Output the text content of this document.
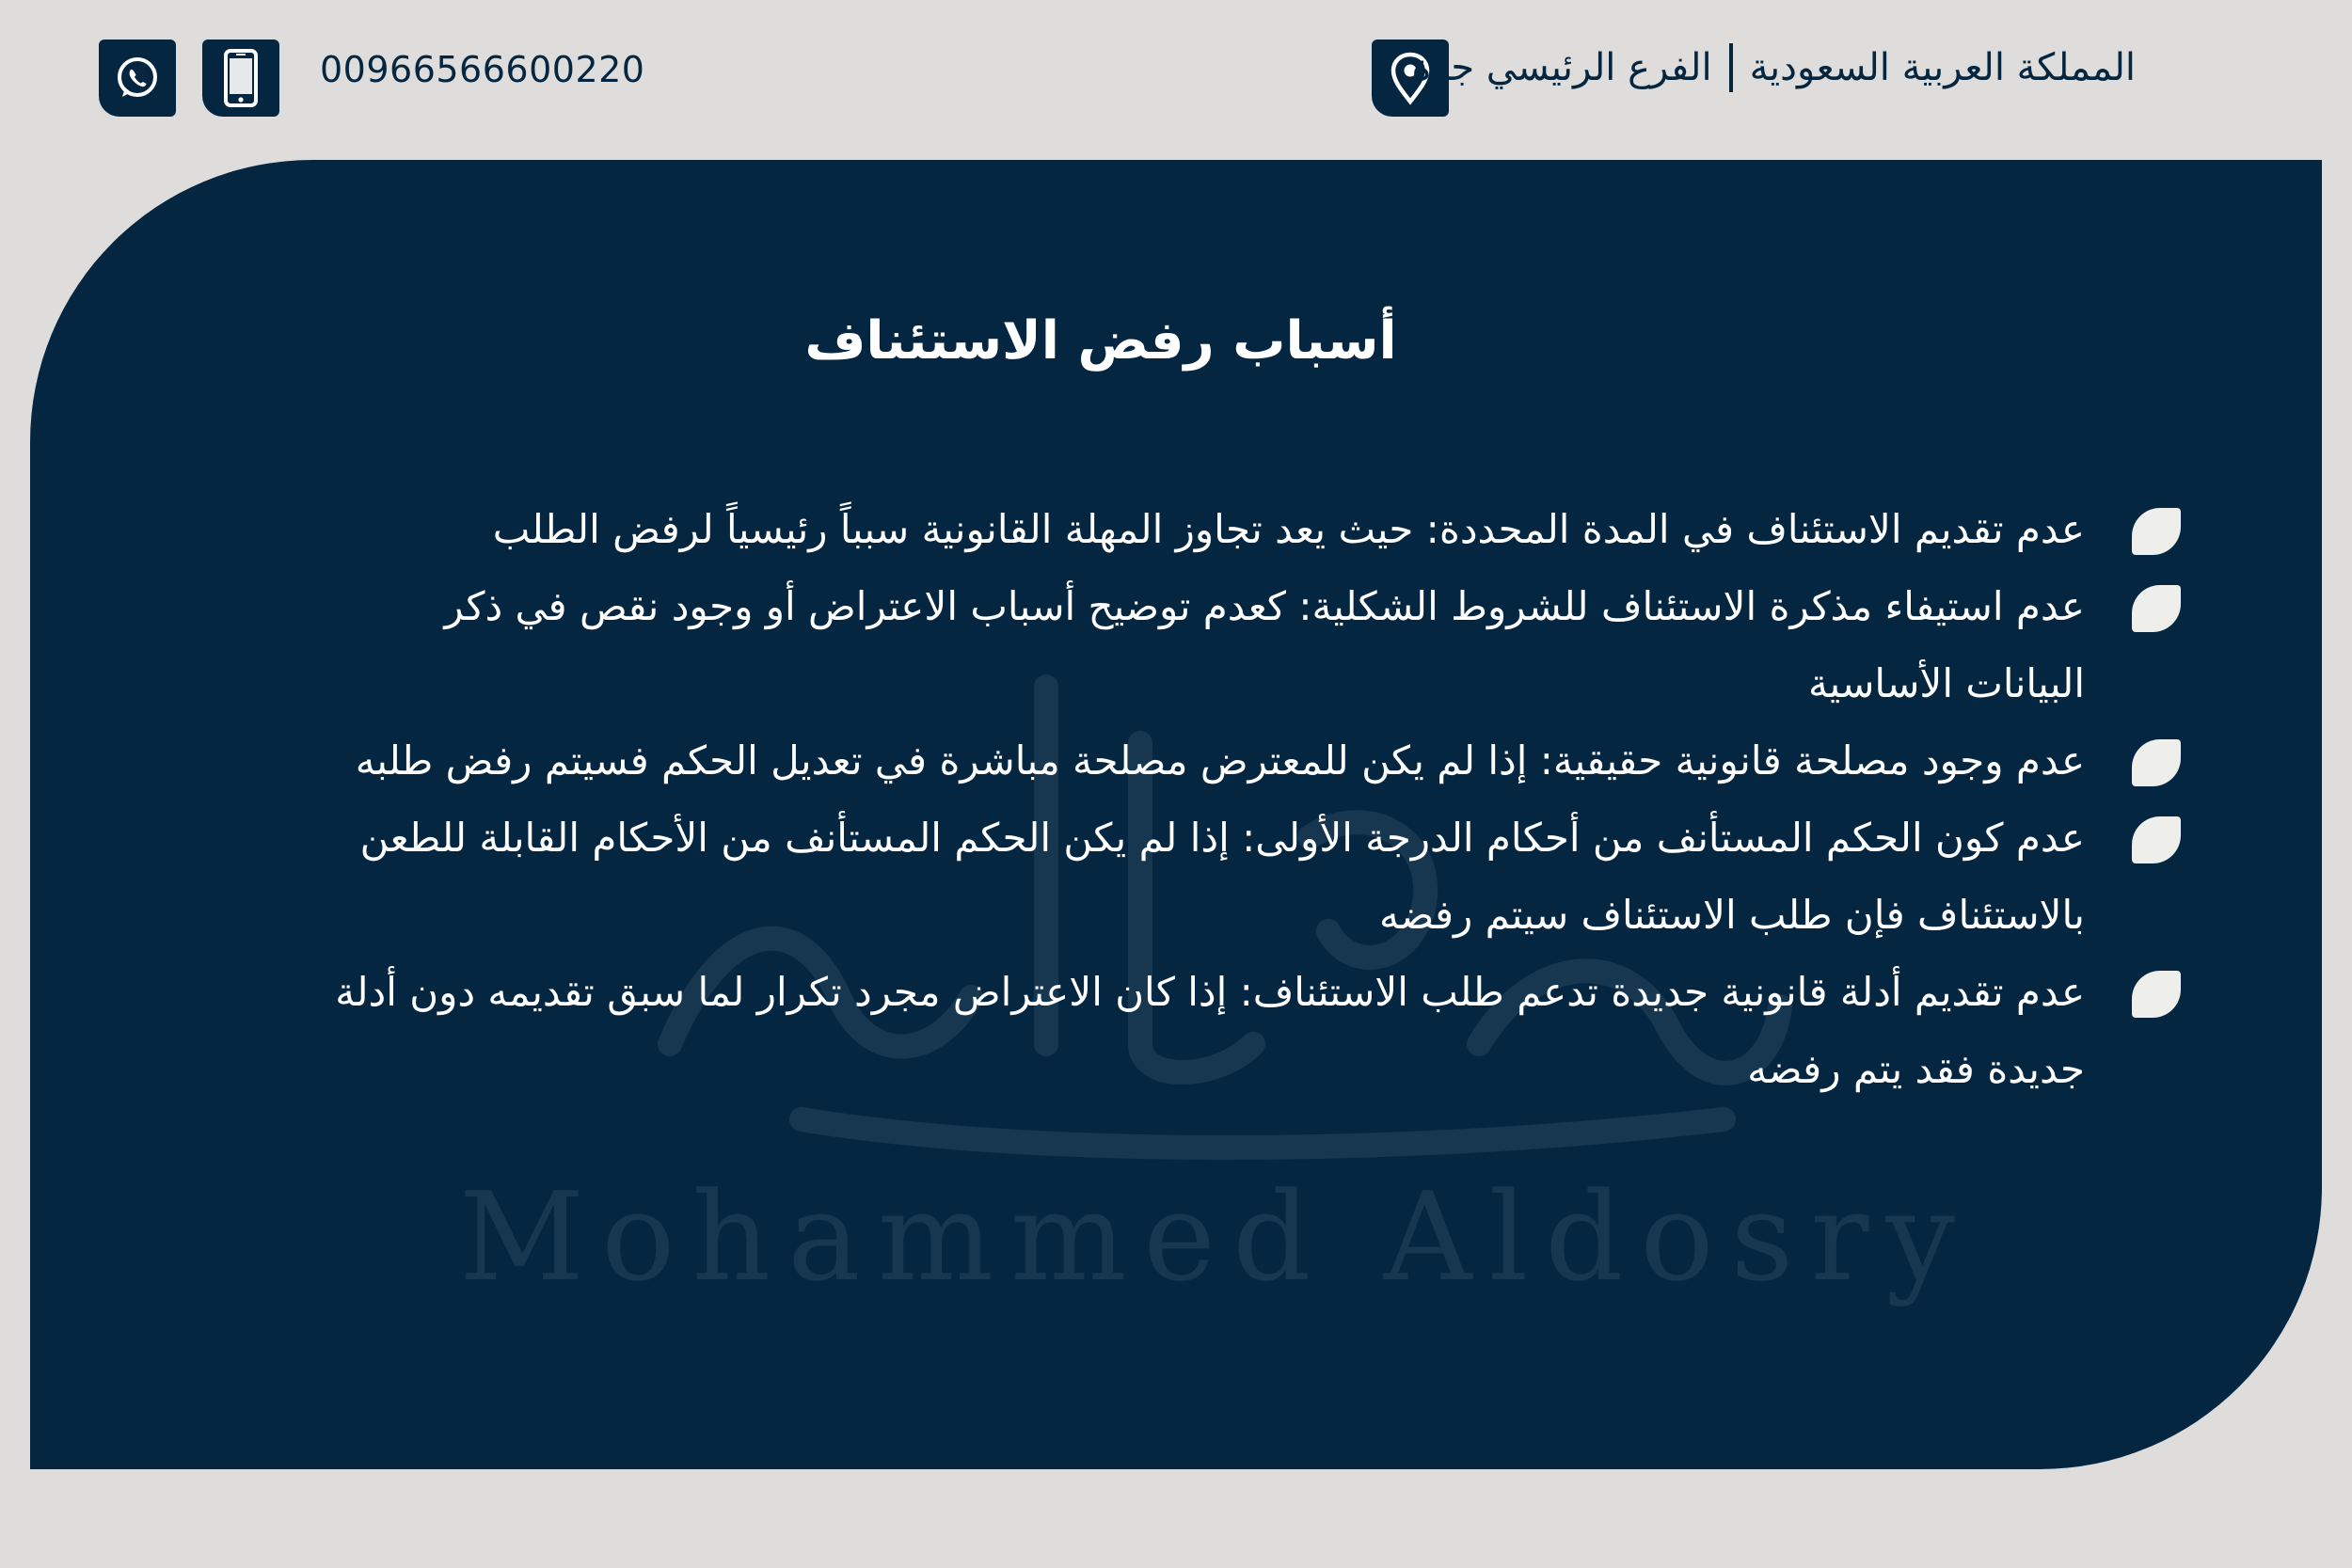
00966566600220	المملكة العربية السعودية
الفرع الرئيسي جدة
Mohammed Aldosry
أسباب رفض الاستئناف
عدم تقديم الاستئناف في المدة المحددة: حيث يعد تجاوز المهلة القانونية سبباً رئيسياً لرفض الطلب
عدم استيفاء مذكرة الاستئناف للشروط الشكلية: كعدم توضيح أسباب الاعتراض أو وجود نقص في ذكر البيانات الأساسية
عدم وجود مصلحة قانونية حقيقية: إذا لم يكن للمعترض مصلحة مباشرة في تعديل الحكم فسيتم رفض طلبه
عدم كون الحكم المستأنف من أحكام الدرجة الأولى: إذا لم يكن الحكم المستأنف من الأحكام القابلة للطعن بالاستئناف فإن طلب الاستئناف سيتم رفضه
عدم تقديم أدلة قانونية جديدة تدعم طلب الاستئناف: إذا كان الاعتراض مجرد تكرار لما سبق تقديمه دون أدلة جديدة فقد يتم رفضه
